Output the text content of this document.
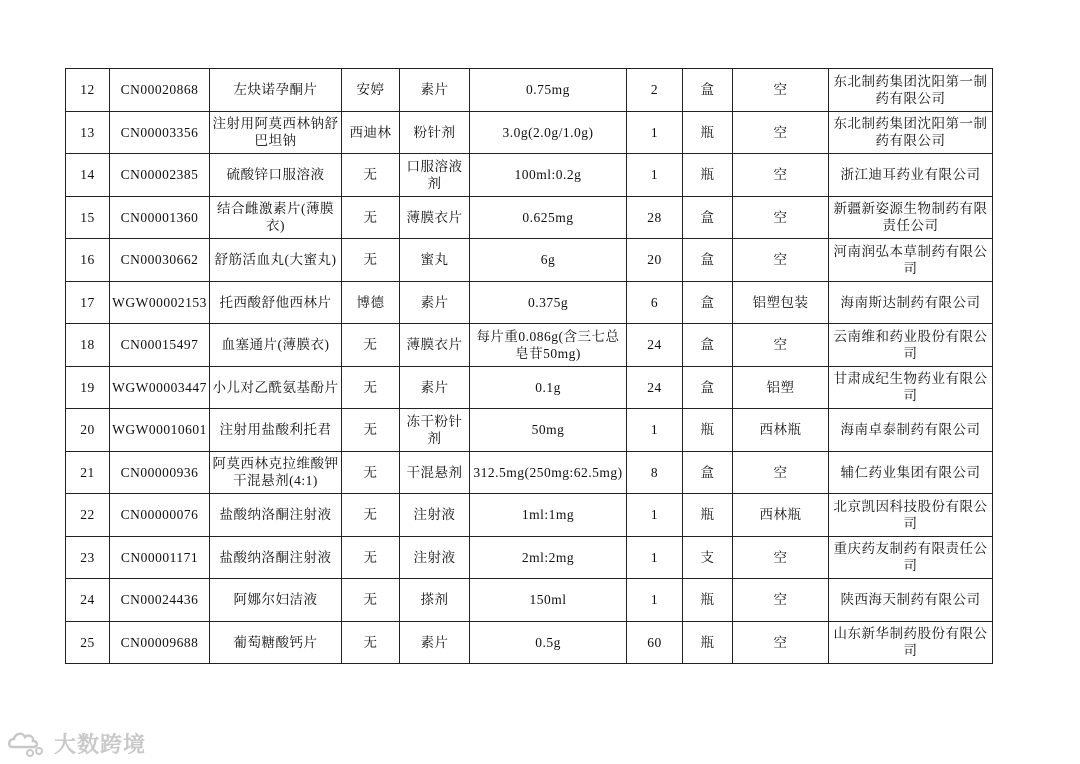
12	CN00020868	左炔诺孕酮片	安婷	素片	0.75mg	2	盒	空	东北制药集团沈阳第一制药有限公司
13	CN00003356	注射用阿莫西林钠舒巴坦钠	西迪林	粉针剂	3.0g(2.0g/1.0g)	1	瓶	空	东北制药集团沈阳第一制药有限公司
14	CN00002385	硫酸锌口服溶液	无	口服溶液剂	100ml:0.2g	1	瓶	空	浙江迪耳药业有限公司
15	CN00001360	结合雌激素片(薄膜衣)	无	薄膜衣片	0.625mg	28	盒	空	新疆新姿源生物制药有限责任公司
16	CN00030662	舒筋活血丸(大蜜丸)	无	蜜丸	6g	20	盒	空	河南润弘本草制药有限公司
17	WGW00002153	托西酸舒他西林片	博德	素片	0.375g	6	盒	铝塑包装	海南斯达制药有限公司
18	CN00015497	血塞通片(薄膜衣)	无	薄膜衣片	每片重0.086g(含三七总皂苷50mg)	24	盒	空	云南维和药业股份有限公司
19	WGW00003447	小儿对乙酰氨基酚片	无	素片	0.1g	24	盒	铝塑	甘肃成纪生物药业有限公司
20	WGW00010601	注射用盐酸利托君	无	冻干粉针剂	50mg	1	瓶	西林瓶	海南卓泰制药有限公司
21	CN00000936	阿莫西林克拉维酸钾干混悬剂(4:1)	无	干混悬剂	312.5mg(250mg:62.5mg)	8	盒	空	辅仁药业集团有限公司
22	CN00000076	盐酸纳洛酮注射液	无	注射液	1ml:1mg	1	瓶	西林瓶	北京凯因科技股份有限公司
23	CN00001171	盐酸纳洛酮注射液	无	注射液	2ml:2mg	1	支	空	重庆药友制药有限责任公司
24	CN00024436	阿娜尔妇洁液	无	搽剂	150ml	1	瓶	空	陕西海天制药有限公司
25	CN00009688	葡萄糖酸钙片	无	素片	0.5g	60	瓶	空	山东新华制药股份有限公司
大数跨境
